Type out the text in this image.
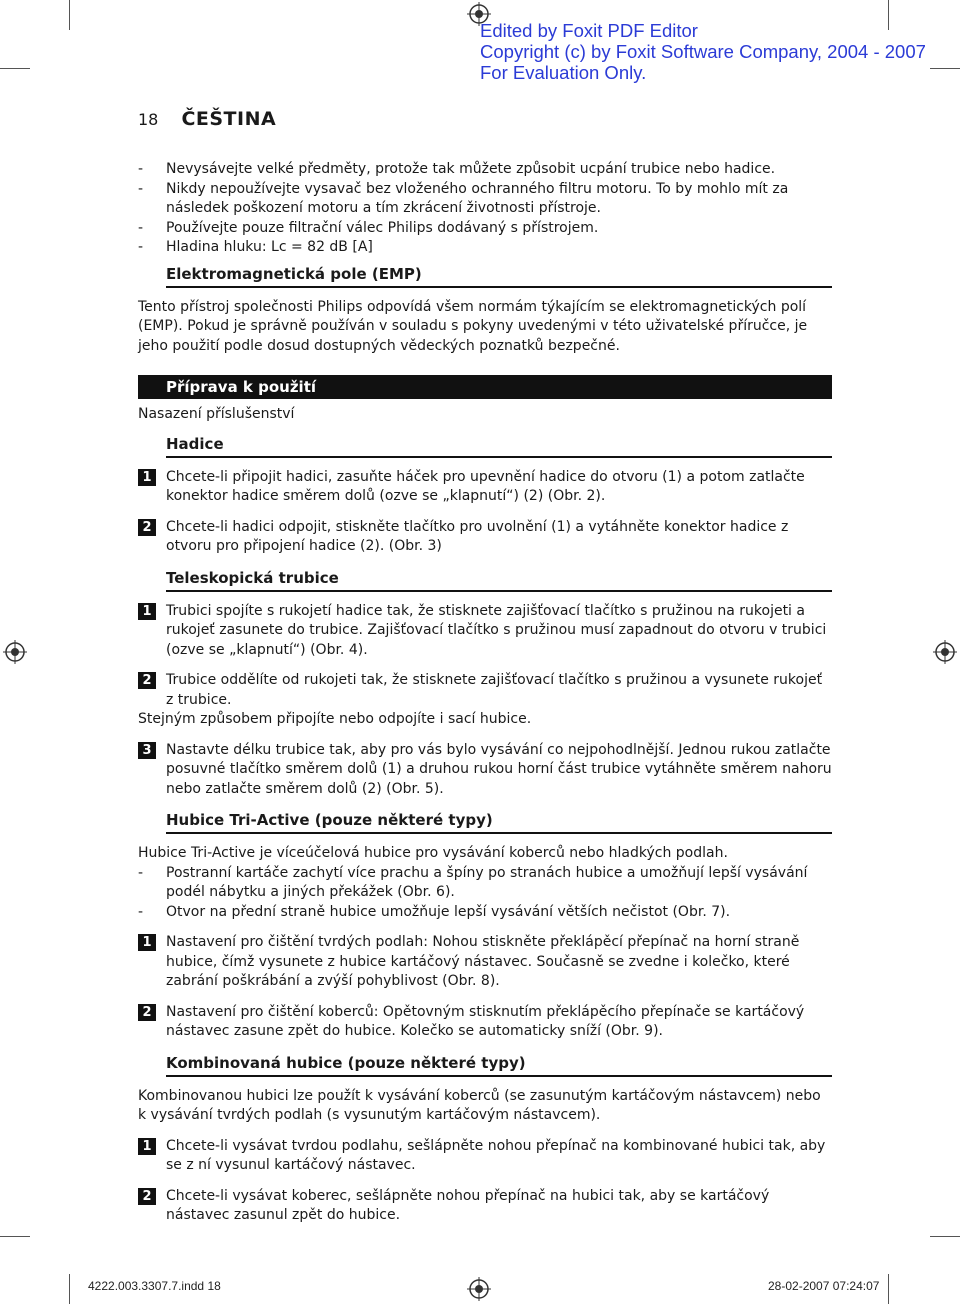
Edited by Foxit PDF Editor
Copyright (c) by Foxit Software Company, 2004 - 2007
For Evaluation Only.
18 ČEŠTINA
- Nevysávejte velké předměty, protože tak můžete způsobit ucpání trubice nebo hadice.
- Nikdy nepoužívejte vysavač bez vloženého ochranného filtru motoru. To by mohlo mít za následek poškození motoru a tím zkrácení životnosti přístroje.
- Používejte pouze filtrační válec Philips dodávaný s přístrojem.
- Hladina hluku: Lc = 82 dB [A]
Elektromagnetická pole (EMP)

Tento přístroj společnosti Philips odpovídá všem normám týkajícím se elektromagnetických polí (EMP). Pokud je správně používán v souladu s pokyny uvedenými v této uživatelské příručce, je jeho použití podle dosud dostupných vědeckých poznatků bezpečné.

Příprava k použití

Nasazení příslušenství

Hadice
1	Chcete-li připojit hadici, zasuňte háček pro upevnění hadice do otvoru (1) a potom zatlačte konektor hadice směrem dolů (ozve se „klapnutí“) (2) (Obr. 2).
2	Chcete-li hadici odpojit, stiskněte tlačítko pro uvolnění (1) a vytáhněte konektor hadice z otvoru pro připojení hadice (2). (Obr. 3)
Teleskopická trubice
1	Trubici spojíte s rukojetí hadice tak, že stisknete zajišťovací tlačítko s pružinou na rukojeti a rukojeť zasunete do trubice. Zajišťovací tlačítko s pružinou musí zapadnout do otvoru v trubici (ozve se „klapnutí“) (Obr. 4).
2	Trubice oddělíte od rukojeti tak, že stisknete zajišťovací tlačítko s pružinou a vysunete rukojeť z trubice.

Stejným způsobem připojíte nebo odpojíte i sací hubice.

3	Nastavte délku trubice tak, aby pro vás bylo vysávání co nejpohodlnější. Jednou rukou zatlačte posuvné tlačítko směrem dolů (1) a druhou rukou horní část trubice vytáhněte směrem nahoru nebo zatlačte směrem dolů (2) (Obr. 5).
Hubice Tri-Active (pouze některé typy)

Hubice Tri-Active je víceúčelová hubice pro vysávání koberců nebo hladkých podlah.

- Postranní kartáče zachytí více prachu a špíny po stranách hubice a umožňují lepší vysávání podél nábytku a jiných překážek (Obr. 6).
- Otvor na přední straně hubice umožňuje lepší vysávání větších nečistot (Obr. 7).
1	Nastavení pro čištění tvrdých podlah: Nohou stiskněte překlápěcí přepínač na horní straně hubice, čímž vysunete z hubice kartáčový nástavec. Současně se zvedne i kolečko, které zabrání poškrábání a zvýší pohyblivost (Obr. 8).
2	Nastavení pro čištění koberců: Opětovným stisknutím překlápěcího přepínače se kartáčový nástavec zasune zpět do hubice. Kolečko se automaticky sníží (Obr. 9).
Kombinovaná hubice (pouze některé typy)

Kombinovanou hubici lze použít k vysávání koberců (se zasunutým kartáčovým nástavcem) nebo k vysávání tvrdých podlah (s vysunutým kartáčovým nástavcem).

1	Chcete-li vysávat tvrdou podlahu, sešlápněte nohou přepínač na kombinované hubici tak, aby se z ní vysunul kartáčový nástavec.
2	Chcete-li vysávat koberec, sešlápněte nohou přepínač na hubici tak, aby se kartáčový nástavec zasunul zpět do hubice.
4222.003.3307.7.indd 18	28-02-2007 07:24:07
